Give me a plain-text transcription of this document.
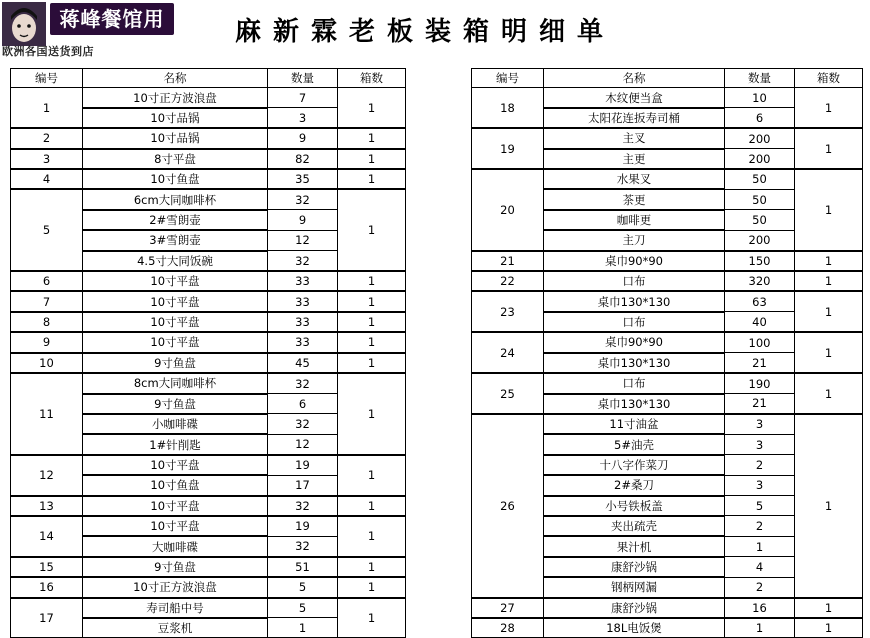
蒋峰餐馆用品
欧洲各国送货到店
麻新霖老板装箱明细单
编号	名称	数量	箱数
1	10寸正方波浪盘	7	1
	10寸品锅	3	
2	10寸品锅	9	1
3	8寸平盘	82	1
4	10寸鱼盘	35	1
5	6cm大同咖啡杯	32	1
	2#雪朗壶	9	
	3#雪朗壶	12	
	4.5寸大同饭碗	32	
6	10寸平盘	33	1
7	10寸平盘	33	1
8	10寸平盘	33	1
9	10寸平盘	33	1
10	9寸鱼盘	45	1
11	8cm大同咖啡杯	32	1
	9寸鱼盘	6	
	小咖啡碟	32	
	1#针削匙	12	
12	10寸平盘	19	1
	10寸鱼盘	17	
13	10寸平盘	32	1
14	10寸平盘	19	1
	大咖啡碟	32	
15	9寸鱼盘	51	1
16	10寸正方波浪盘	5	1
17	寿司船中号	5	1
	豆浆机	1	
编号	名称	数量	箱数
18	木纹便当盒	10	1
	太阳花连扳寿司桶	6	
19	主叉	200	1
	主更	200	
20	水果叉	50	1
	茶更	50	
	咖啡更	50	
	主刀	200	
21	桌巾90*90	150	1
22	口布	320	1
23	桌巾130*130	63	1
	口布	40	
24	桌巾90*90	100	1
	桌巾130*130	21	
25	口布	190	1
	桌巾130*130	21	
26	11寸油盆	3	1
	5#油壳	3	
	十八字作菜刀	2	
	2#桑刀	3	
	小号铁板盖	5	
	夹出疏壳	2	
	果汁机	1	
	康舒沙锅	4	
	钢柄网漏	2	
27	康舒沙锅	16	1
28	18L电饭煲	1	1
